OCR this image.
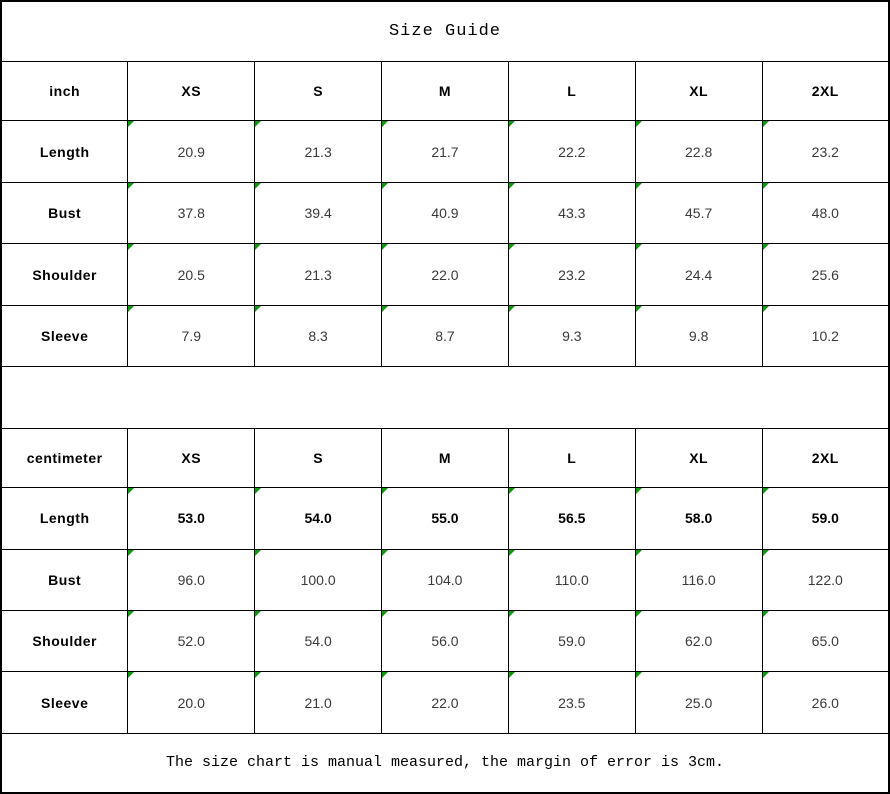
Size Guide						
inch	XS	S	M	L	XL	2XL
Length	20.9	21.3	21.7	22.2	22.8	23.2
Bust	37.8	39.4	40.9	43.3	45.7	48.0
Shoulder	20.5	21.3	22.0	23.2	24.4	25.6
Sleeve	7.9	8.3	8.7	9.3	9.8	10.2

centimeter	XS	S	M	L	XL	2XL
Length	53.0	54.0	55.0	56.5	58.0	59.0
Bust	96.0	100.0	104.0	110.0	116.0	122.0
Shoulder	52.0	54.0	56.0	59.0	62.0	65.0
Sleeve	20.0	21.0	22.0	23.5	25.0	26.0
The size chart is manual measured, the margin of error is 3cm.						
